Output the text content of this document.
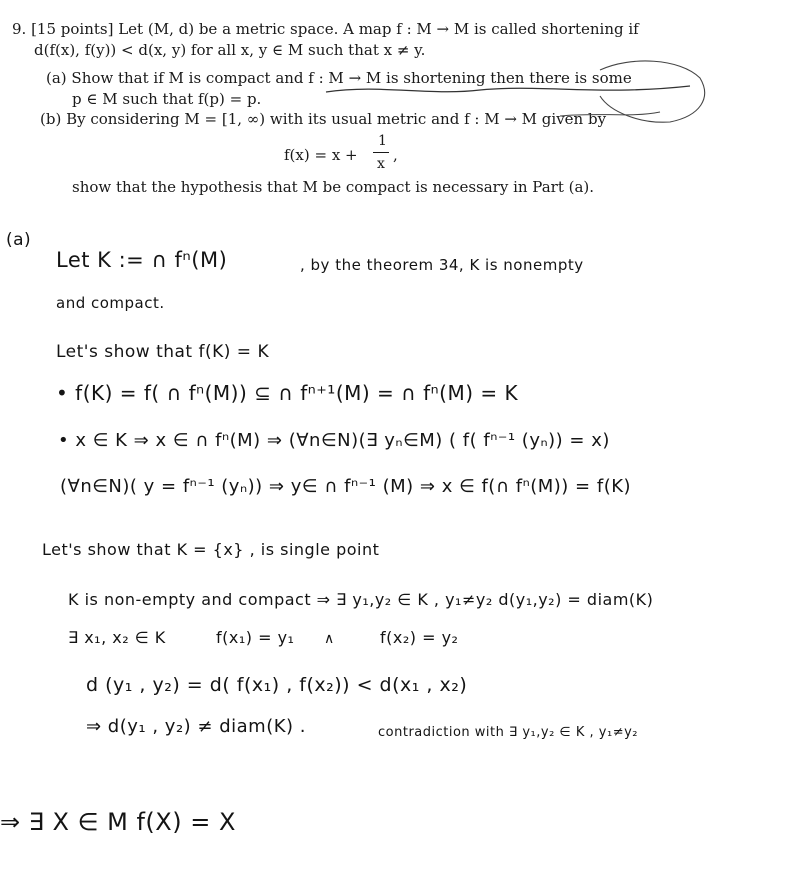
9. [15 points] Let (M, d) be a metric space. A map f : M → M is called shortening if
d(f(x), f(y)) < d(x, y) for all x, y ∈ M such that x ≠ y.
(a) Show that if M is compact and f : M → M is shortening then there is some
p ∈ M such that f(p) = p.
(b) By considering M = [1, ∞) with its usual metric and f : M → M given by
f(x) = x +
1
x ,
show that the hypothesis that M be compact is necessary in Part (a).
(a)
Let K := ∩ fⁿ(M)	, by the theorem 34, K is nonempty
and compact.
Let's show that f(K) = K
• f(K) = f( ∩ fⁿ(M)) ⊆ ∩ fⁿ⁺¹(M) = ∩ fⁿ(M) = K
• x ∈ K ⇒ x ∈ ∩ fⁿ(M) ⇒ (∀n∈N)(∃ yₙ∈M) ( f( fⁿ⁻¹ (yₙ)) = x)
(∀n∈N)( y = fⁿ⁻¹ (yₙ)) ⇒ y∈ ∩ fⁿ⁻¹ (M) ⇒ x ∈ f(∩ fⁿ(M)) = f(K)
Let's show that K = {x} , is single point
K is non-empty and compact ⇒ ∃ y₁,y₂ ∈ K , y₁≠y₂ d(y₁,y₂) = diam(K)
∃ x₁, x₂ ∈ K	f(x₁) = y₁ ∧	f(x₂) = y₂
d (y₁ , y₂) = d( f(x₁) , f(x₂)) < d(x₁ , x₂)
⇒ d(y₁ , y₂) ≠ diam(K) .	contradiction with ∃ y₁,y₂ ∈ K , y₁≠y₂
⇒ ∃ X ∈ M f(X) = X
